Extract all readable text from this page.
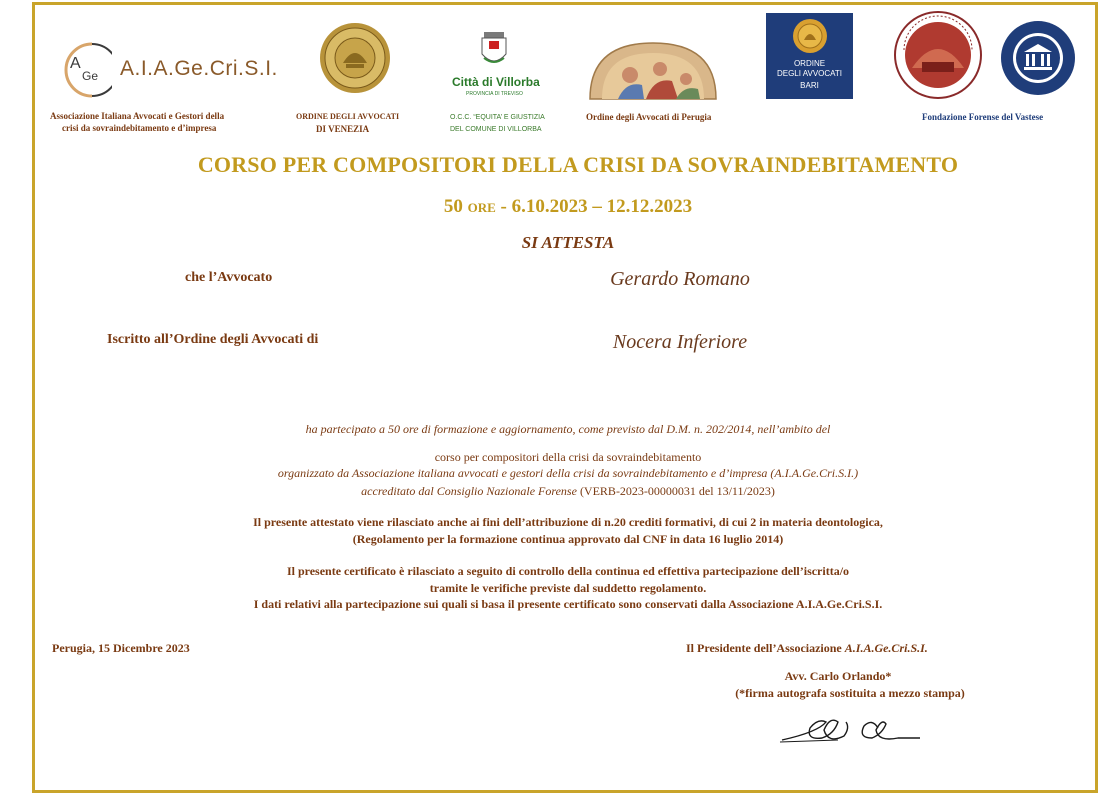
A
Ge A.I.A.Ge.Cri.S.I.
Associazione Italiana Avvocati e Gestori della
crisi da sovraindebitamento e d’impresa
ORDINE DEGLI AVVOCATI
DI VENEZIA
Città di Villorba
PROVINCIA DI TREVISO
O.C.C. “EQUITA’ E GIUSTIZIA
DEL COMUNE DI VILLORBA
Ordine degli Avvocati di Perugia
ORDINE
DEGLI AVVOCATI
BARI
Fondazione Forense del Vastese
CORSO PER COMPOSITORI DELLA CRISI DA SOVRAINDEBITAMENTO
50 ORE - 6.10.2023 – 12.12.2023
SI ATTESTA
che l’Avvocato	Gerardo Romano
Iscritto all’Ordine degli Avvocati di	Nocera Inferiore
ha partecipato a 50 ore di formazione e aggiornamento, come previsto dal D.M. n. 202/2014, nell’ambito del
corso per compositori della crisi da sovraindebitamento
organizzato da Associazione italiana avvocati e gestori della crisi da sovraindebitamento e d’impresa (A.I.A.Ge.Cri.S.I.)
accreditato dal Consiglio Nazionale Forense (VERB-2023-00000031 del 13/11/2023)
Il presente attestato viene rilasciato anche ai fini dell’attribuzione di n.20 crediti formativi, di cui 2 in materia deontologica,
(Regolamento per la formazione continua approvato dal CNF in data 16 luglio 2014)
Il presente certificato è rilasciato a seguito di controllo della continua ed effettiva partecipazione dell’iscritta/o
tramite le verifiche previste dal suddetto regolamento.
I dati relativi alla partecipazione sui quali si basa il presente certificato sono conservati dalla Associazione A.I.A.Ge.Cri.S.I.
Perugia, 15 Dicembre 2023	Il Presidente dell’Associazione A.I.A.Ge.Cri.S.I.
Avv. Carlo Orlando*
(*firma autografa sostituita a mezzo stampa)
